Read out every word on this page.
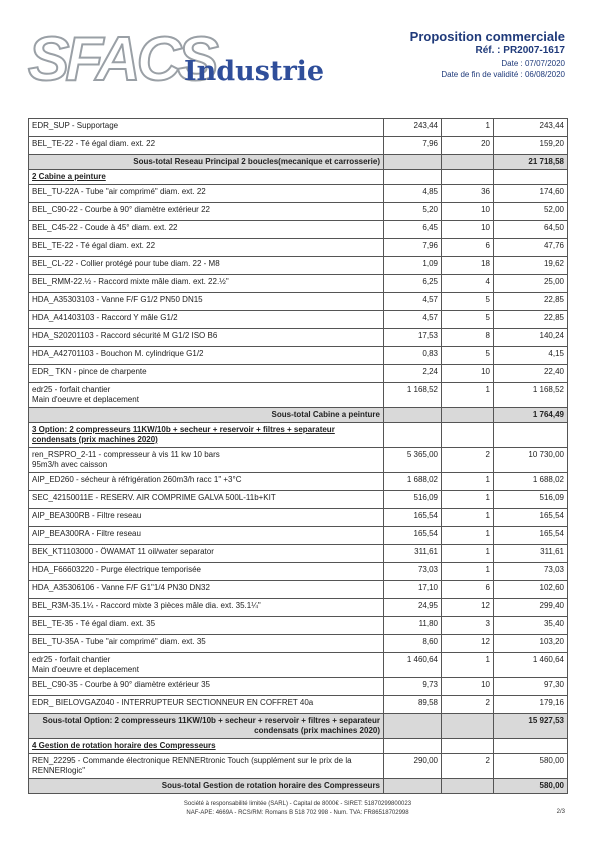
SFACS
Industrie
Proposition commerciale
Réf. : PR2007-1617
Date : 07/07/2020
Date de fin de validité : 06/08/2020
EDR_SUP - Supportage	243,44	1	243,44
BEL_TE-22 - Té égal diam. ext. 22	7,96	20	159,20
Sous-total Reseau Principal 2 boucles(mecanique et carrosserie)			21 718,58
2 Cabine a peinture			
BEL_TU-22A - Tube "air comprimé" diam. ext. 22	4,85	36	174,60
BEL_C90-22 - Courbe à 90° diamètre extérieur 22	5,20	10	52,00
BEL_C45-22 - Coude à 45° diam. ext. 22	6,45	10	64,50
BEL_TE-22 - Té égal diam. ext. 22	7,96	6	47,76
BEL_CL-22 - Collier protégé pour tube diam. 22 - M8	1,09	18	19,62
BEL_RMM-22.½ - Raccord mixte mâle diam. ext. 22.½"	6,25	4	25,00
HDA_A35303103 - Vanne F/F G1/2 PN50 DN15	4,57	5	22,85
HDA_A41403103 - Raccord Y mâle G1/2	4,57	5	22,85
HDA_S20201103 - Raccord sécurité M G1/2 ISO B6	17,53	8	140,24
HDA_A42701103 - Bouchon M. cylindrique G1/2	0,83	5	4,15
EDR_ TKN - pince de charpente	2,24	10	22,40
edr25 - forfait chantier
Main d'oeuvre et deplacement	1 168,52	1	1 168,52
Sous-total Cabine a peinture			1 764,49
3 Option: 2 compresseurs 11KW/10b + secheur + reservoir + filtres + separateur condensats (prix machines 2020)			
ren_RSPRO_2-11 - compresseur à vis 11 kw 10 bars
95m3/h avec caisson	5 365,00	2	10 730,00
AIP_ED260 - sécheur à réfrigération 260m3/h racc 1" +3°C	1 688,02	1	1 688,02
SEC_42150011E - RESERV. AIR COMPRIME GALVA 500L-11b+KIT	516,09	1	516,09
AIP_BEA300RB - Filtre reseau	165,54	1	165,54
AIP_BEA300RA - Filtre reseau	165,54	1	165,54
BEK_KT1103000 - ÖWAMAT 11 oil/water separator	311,61	1	311,61
HDA_F66603220 - Purge électrique temporisée	73,03	1	73,03
HDA_A35306106 - Vanne F/F G1"1/4 PN30 DN32	17,10	6	102,60
BEL_R3M-35.1¼ - Raccord mixte 3 pièces mâle dia. ext. 35.1¼"	24,95	12	299,40
BEL_TE-35 - Té égal diam. ext. 35	11,80	3	35,40
BEL_TU-35A - Tube "air comprimé" diam. ext. 35	8,60	12	103,20
edr25 - forfait chantier
Main d'oeuvre et deplacement	1 460,64	1	1 460,64
BEL_C90-35 - Courbe à 90° diamètre extérieur 35	9,73	10	97,30
EDR_ BIELOVGAZ040 - INTERRUPTEUR SECTIONNEUR EN COFFRET 40a	89,58	2	179,16
Sous-total Option: 2 compresseurs 11KW/10b + secheur + reservoir + filtres + separateur condensats (prix machines 2020)			15 927,53
4 Gestion de rotation horaire des Compresseurs			
REN_22295 - Commande électronique RENNERtronic Touch (supplément sur le prix de la RENNERlogic"	290,00	2	580,00
Sous-total Gestion de rotation horaire des Compresseurs			580,00
Société à responsabilité limitée (SARL) - Capital de 8000€ - SIRET: 51870299800023
NAF-APE: 4669A - RCS/RM: Romans B 518 702 998 - Num. TVA: FR86518702998	2/3
